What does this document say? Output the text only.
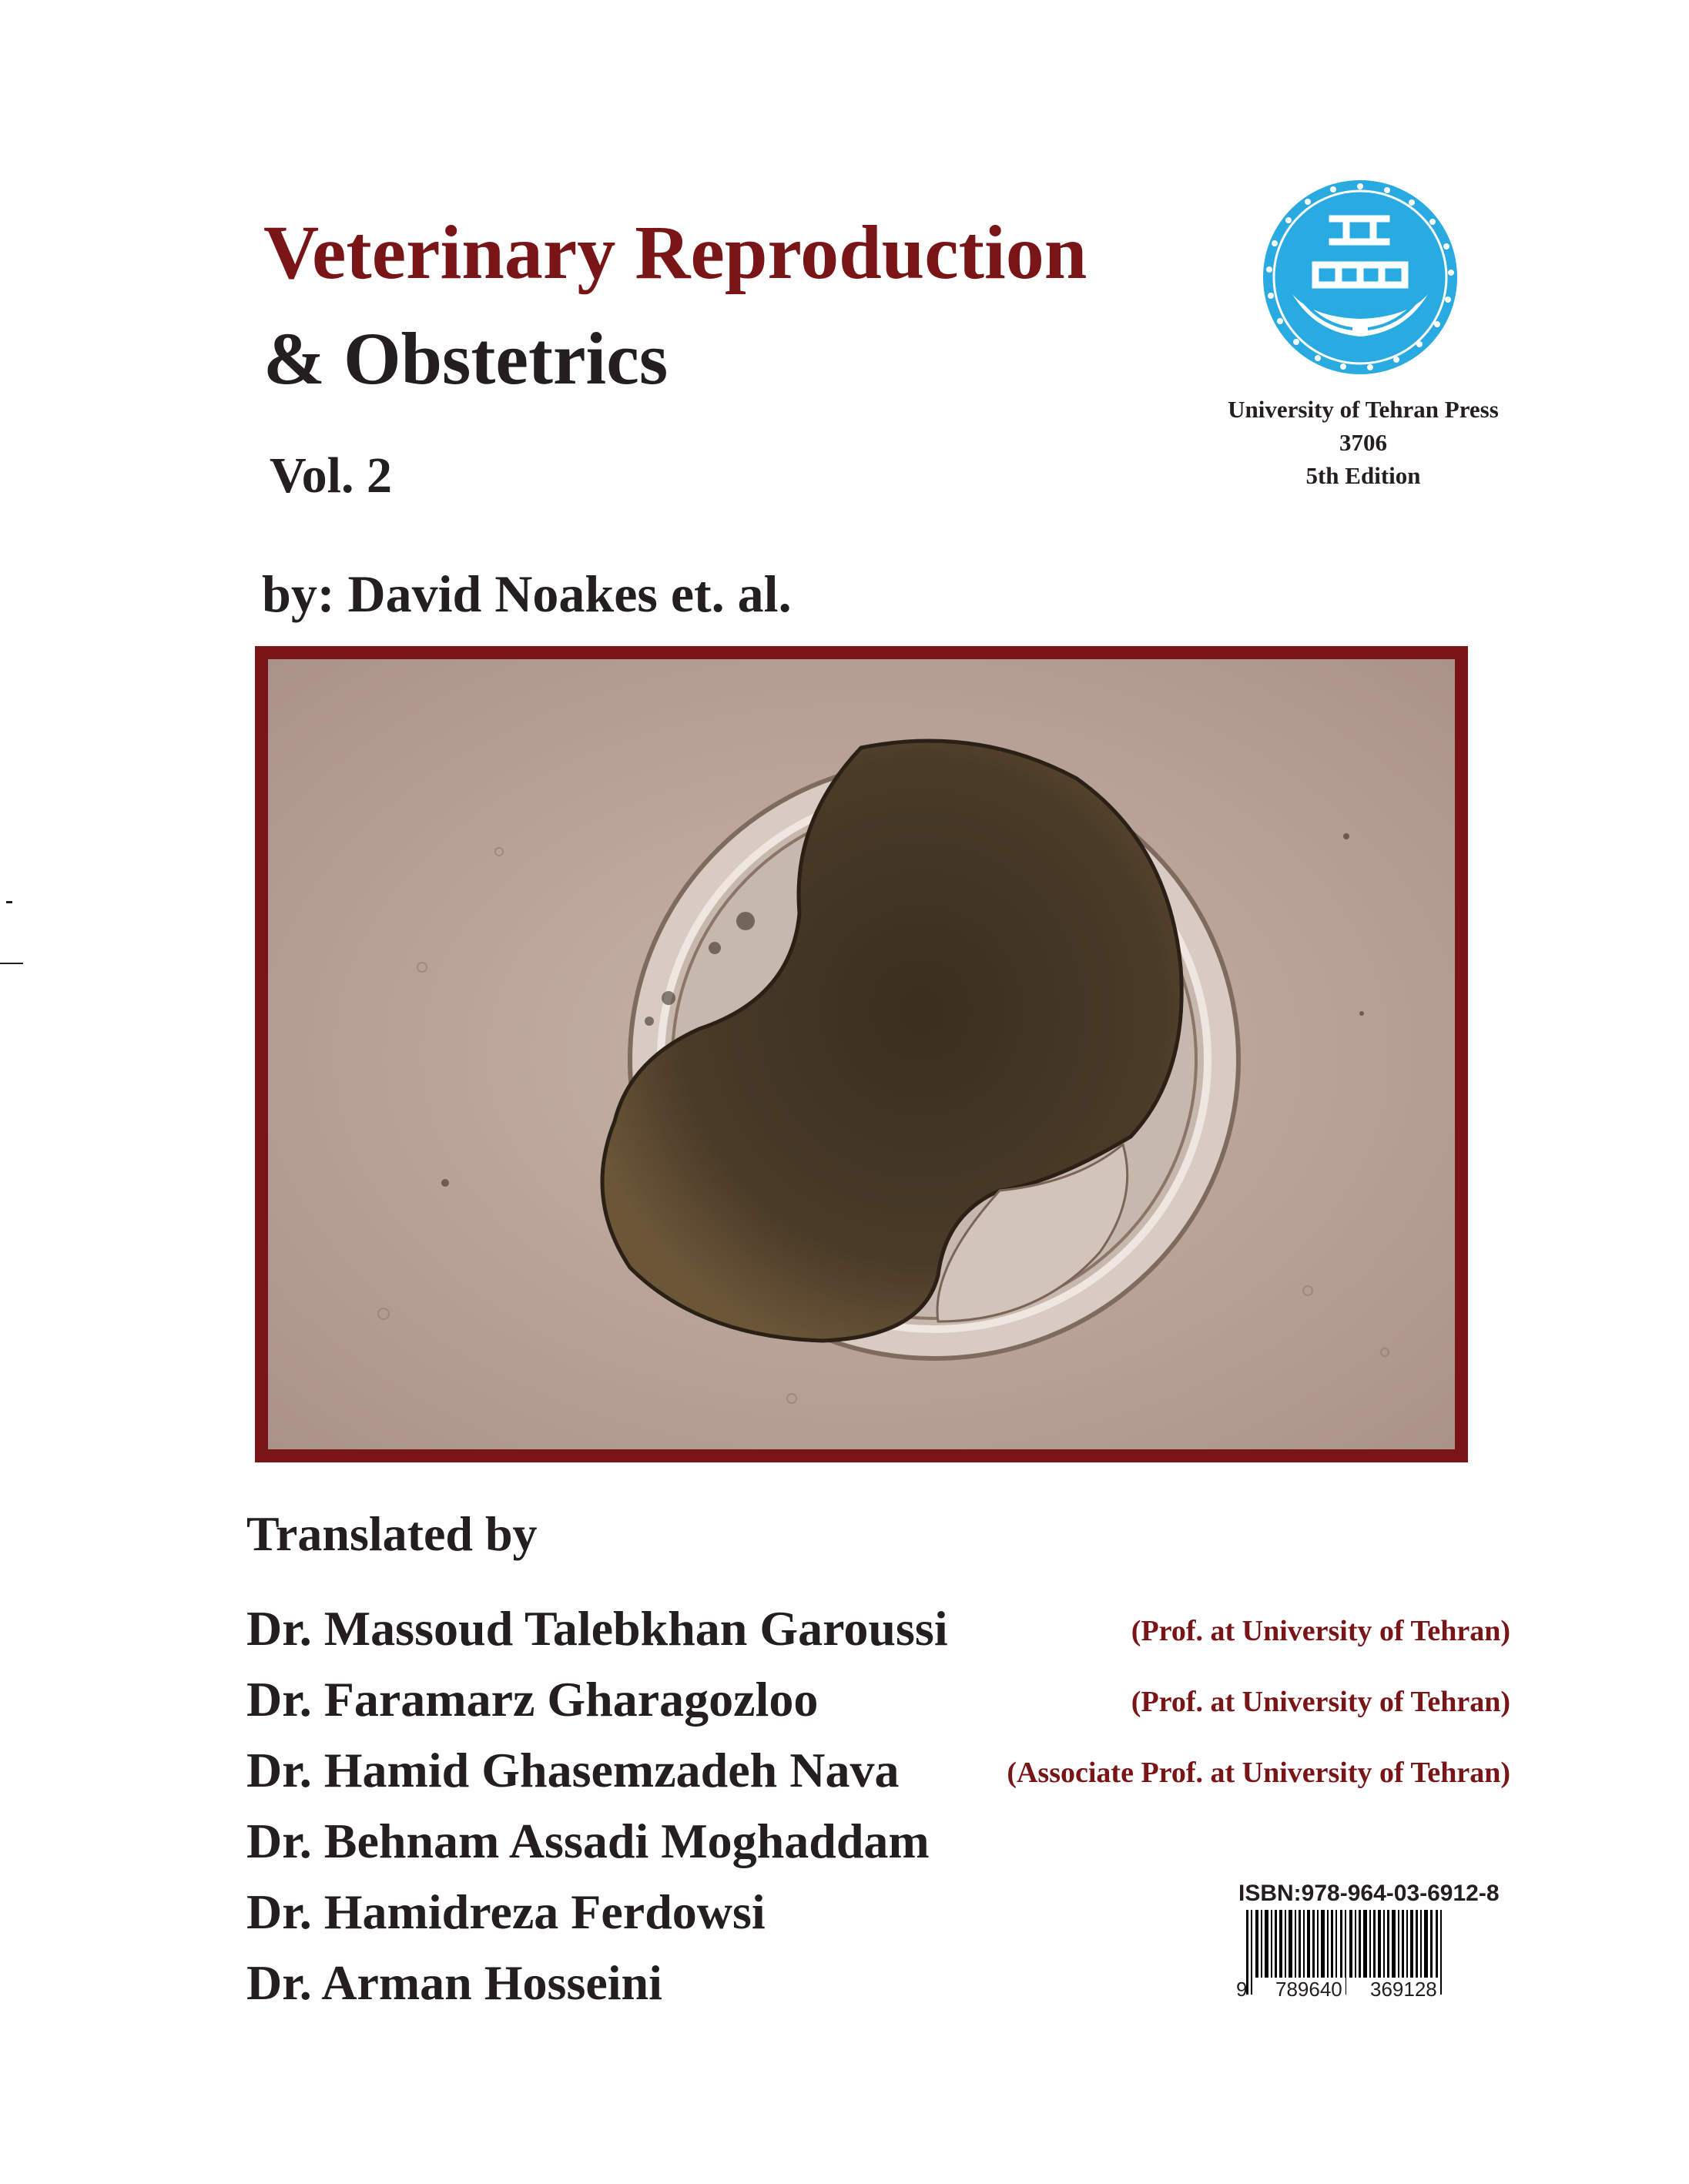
Veterinary Reproduction
& Obstetrics
Vol. 2
by: David Noakes et. al.
دانشگاه تهران
University of Tehran Press
3706
5th Edition
Translated by
Dr. Massoud Talebkhan Garoussi	(Prof. at University of Tehran)
Dr. Faramarz Gharagozloo	(Prof. at University of Tehran)
Dr. Hamid Ghasemzadeh Nava	(Associate Prof. at University of Tehran)
Dr. Behnam Assadi Moghaddam
Dr. Hamidreza Ferdowsi
Dr. Arman Hosseini
ISBN:978-964-03-6912-8
9 789640 369128
